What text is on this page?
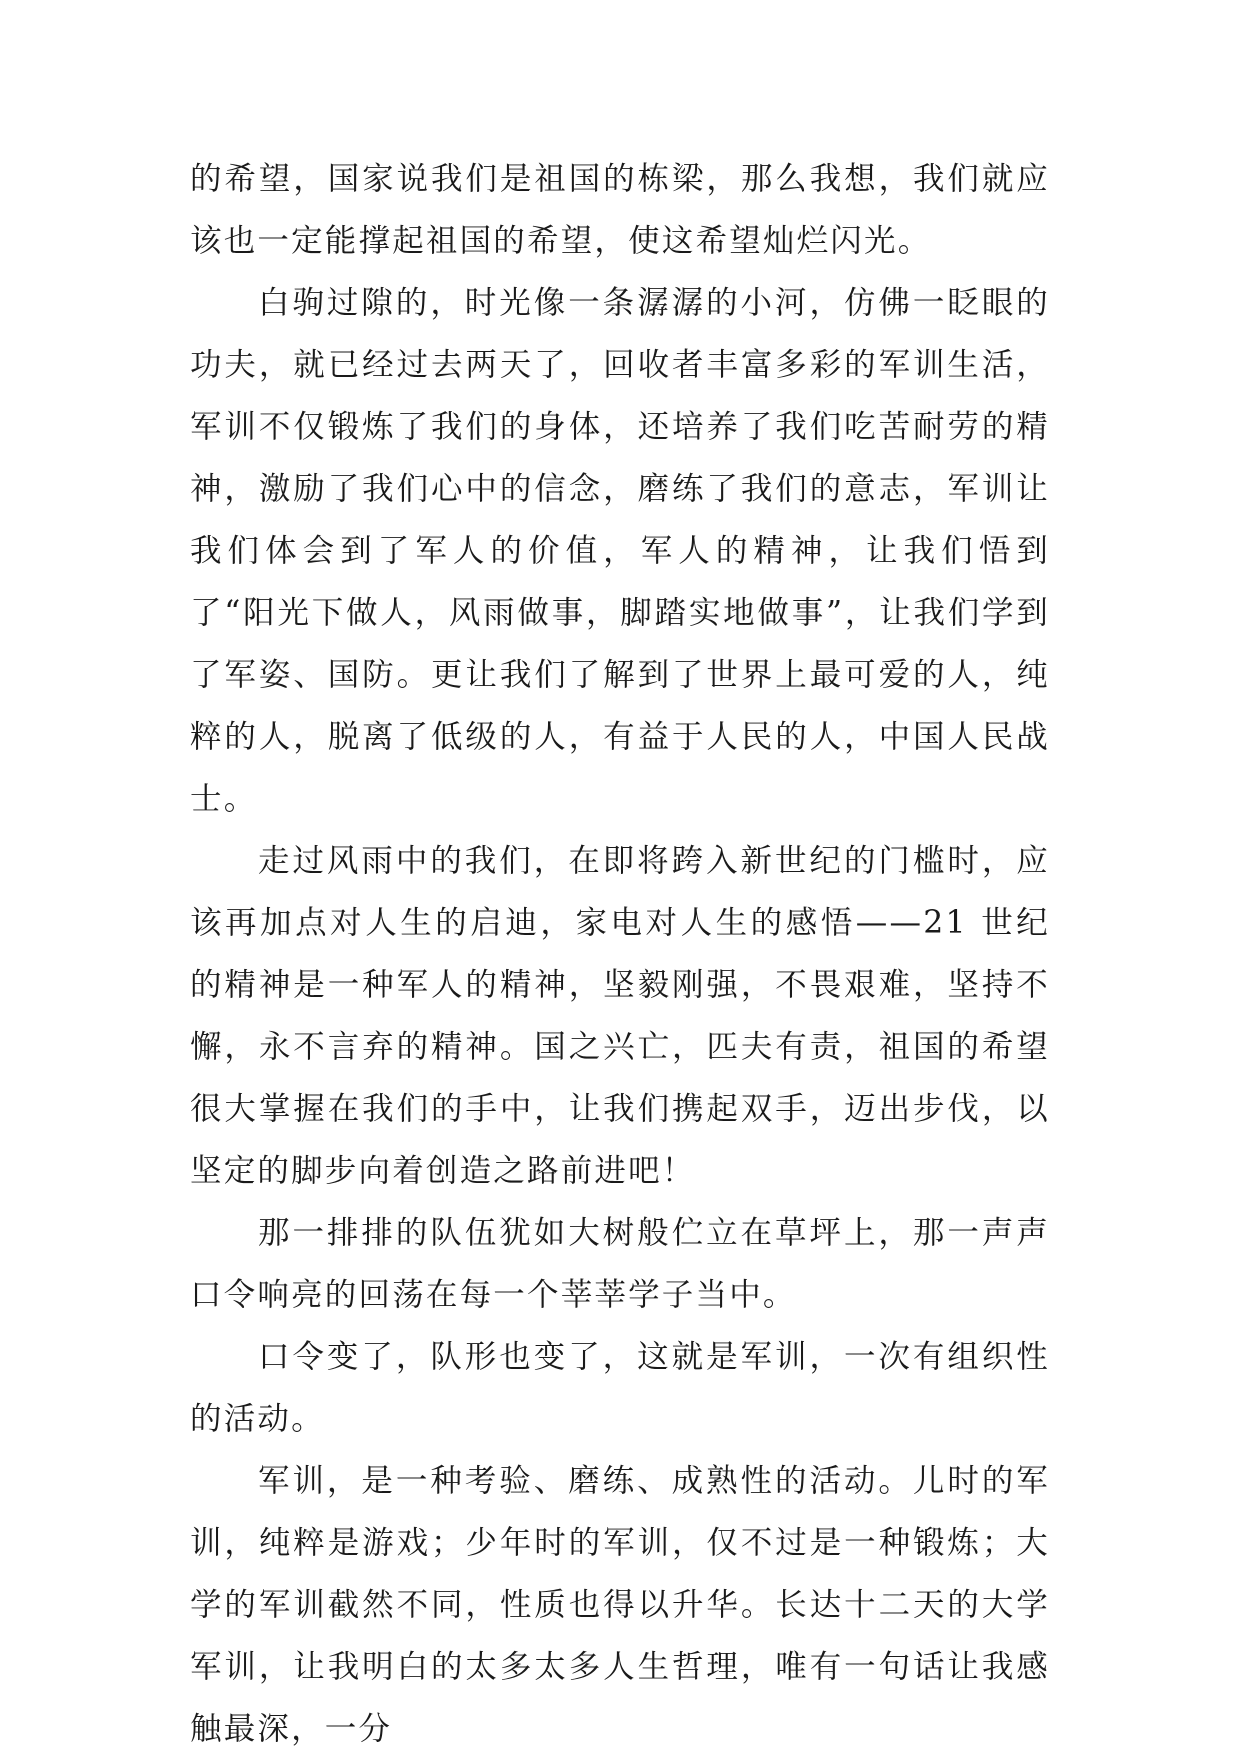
的希望，国家说我们是祖国的栋梁，那么我想，我们就应该也一定能撑起祖国的希望，使这希望灿烂闪光。

白驹过隙的，时光像一条潺潺的小河，仿佛一眨眼的功夫，就已经过去两天了，回收者丰富多彩的军训生活，军训不仅锻炼了我们的身体，还培养了我们吃苦耐劳的精神，激励了我们心中的信念，磨练了我们的意志，军训让我们体会到了军人的价值，军人的精神，让我们悟到了“阳光下做人，风雨做事，脚踏实地做事”，让我们学到了军姿、国防。更让我们了解到了世界上最可爱的人，纯粹的人，脱离了低级的人，有益于人民的人，中国人民战士。

走过风雨中的我们，在即将跨入新世纪的门槛时，应该再加点对人生的启迪，家电对人生的感悟——21 世纪的精神是一种军人的精神，坚毅刚强，不畏艰难，坚持不懈，永不言弃的精神。国之兴亡，匹夫有责，祖国的希望很大掌握在我们的手中，让我们携起双手，迈出步伐，以坚定的脚步向着创造之路前进吧！

那一排排的队伍犹如大树般伫立在草坪上，那一声声口令响亮的回荡在每一个莘莘学子当中。

口令变了，队形也变了，这就是军训，一次有组织性的活动。

军训，是一种考验、磨练、成熟性的活动。儿时的军训，纯粹是游戏；少年时的军训，仅不过是一种锻炼；大学的军训截然不同，性质也得以升华。长达十二天的大学军训，让我明白的太多太多人生哲理，唯有一句话让我感触最深，一分
